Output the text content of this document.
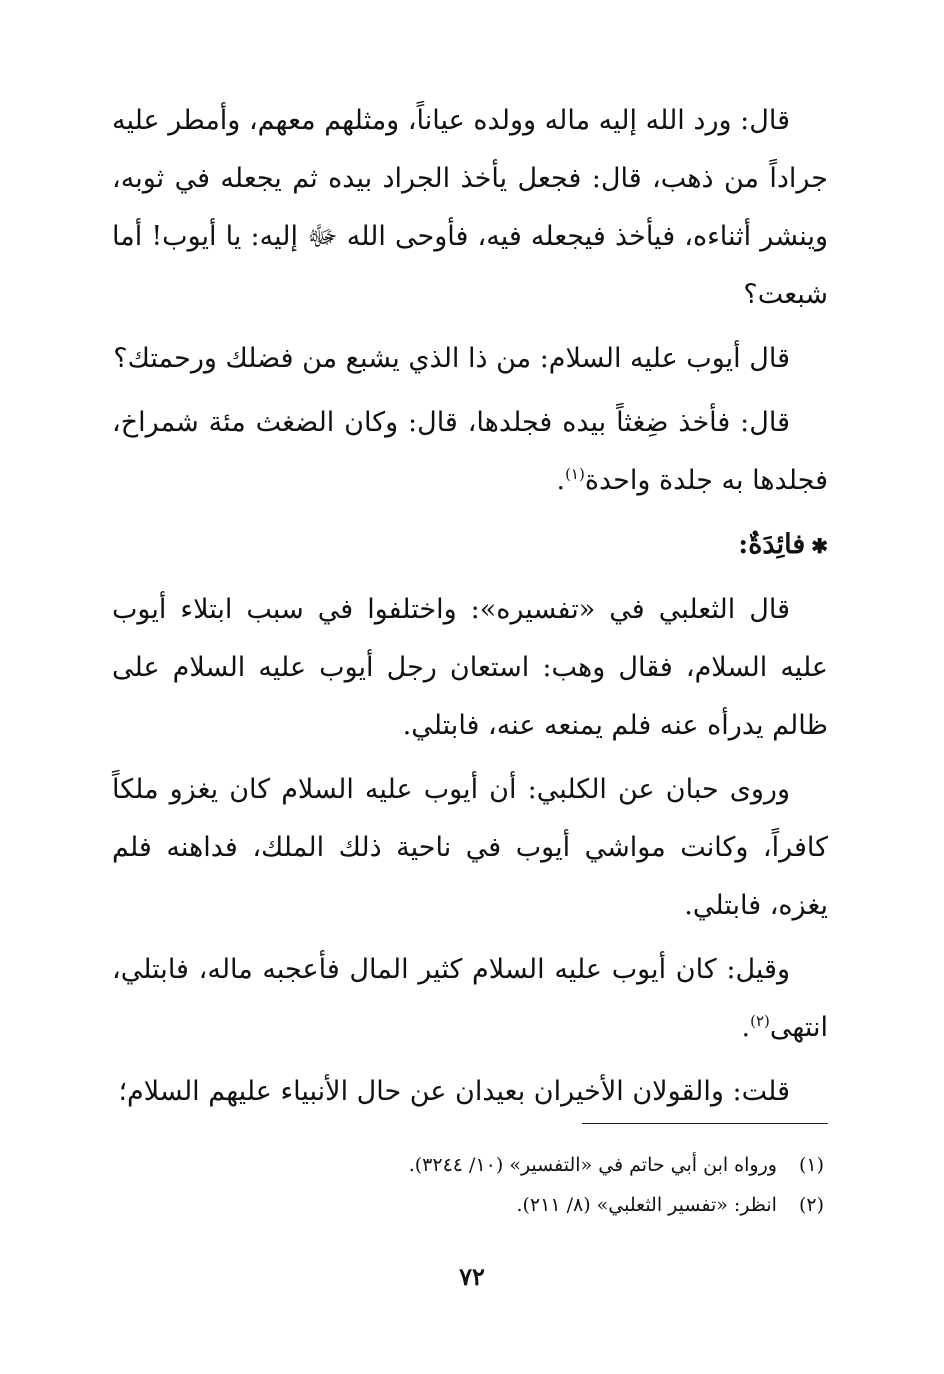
قال: ورد الله إليه ماله وولده عياناً، ومثلهم معهم، وأمطر عليه جراداً من ذهب، قال: فجعل يأخذ الجراد بيده ثم يجعله في ثوبه، وينشر أثناءه، فيأخذ فيجعله فيه، فأوحى الله ﷻ إليه: يا أيوب! أما شبعت؟

قال أيوب عليه السلام: من ذا الذي يشبع من فضلك ورحمتك؟

قال: فأخذ ضِغثاً بيده فجلدها، قال: وكان الضغث مئة شمراخ، فجلدها به جلدة واحدة$^{(١)}$.

✱فائِدَةٌ:

قال الثعلبي في «تفسيره»: واختلفوا في سبب ابتلاء أيوب عليه السلام، فقال وهب: استعان رجل أيوب عليه السلام على ظالم يدرأه عنه فلم يمنعه عنه، فابتلي.

وروى حبان عن الكلبي: أن أيوب عليه السلام كان يغزو ملكاً كافراً، وكانت مواشي أيوب في ناحية ذلك الملك، فداهنه فلم يغزه، فابتلي.

وقيل: كان أيوب عليه السلام كثير المال فأعجبه ماله، فابتلي، انتهى$^{(٢)}$.

قلت: والقولان الأخيران بعيدان عن حال الأنبياء عليهم السلام؛

(١)ورواه ابن أبي حاتم في «التفسير» (١٠/ ٣٢٤٤).
(٢)انظر: «تفسير الثعلبي» (٨/ ٢١١).
٧٢
